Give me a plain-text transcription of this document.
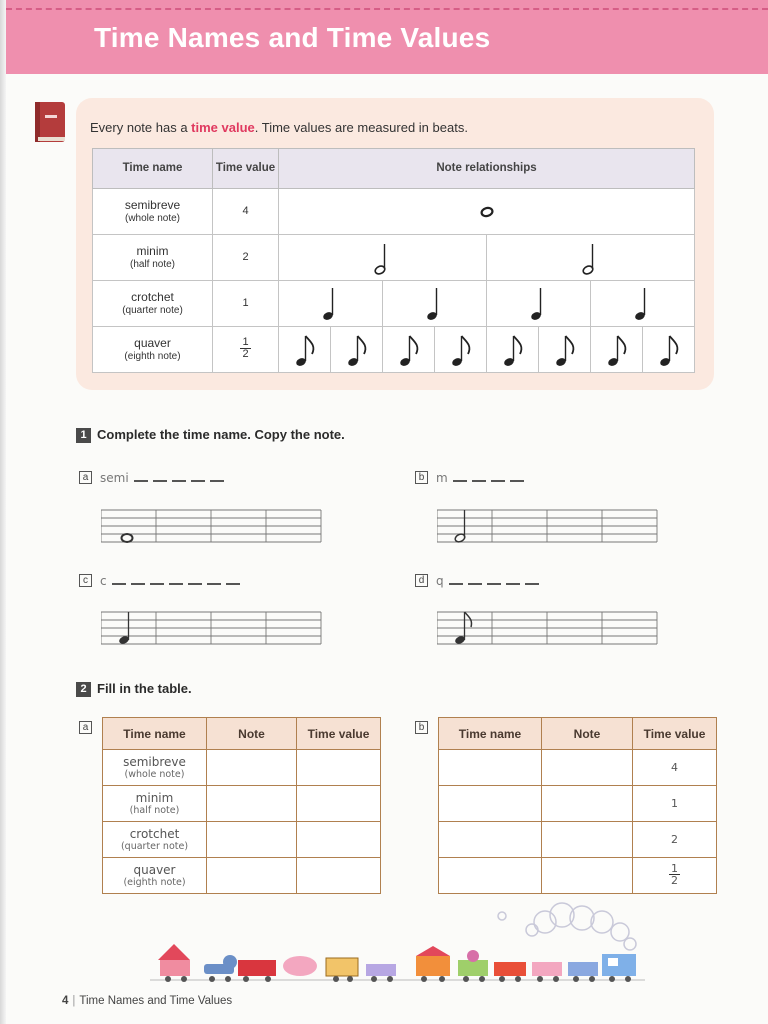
Time Names and Time Values
Every note has a time value. Time values are measured in beats.
Time name	Time value	Note relationships							
semibreve
(whole note)	4	

minim
(half note)	2	

crotchet
(quarter note)	1	

quaver
(eighth note)	$\frac{1}{2}$

1 Complete the time name. Copy the note.
a semi	b m
c c	d q
2 Fill in the table.
a	Time name	Note	Time value
semibreve
(whole note)		

minim
(half note)		

crotchet
(quarter note)		

quaver
(eighth note)		

b	Time name	Note	Time value
		4
		1
		2

		$\frac{1}{2}$
4 | Time Names and Time Values
